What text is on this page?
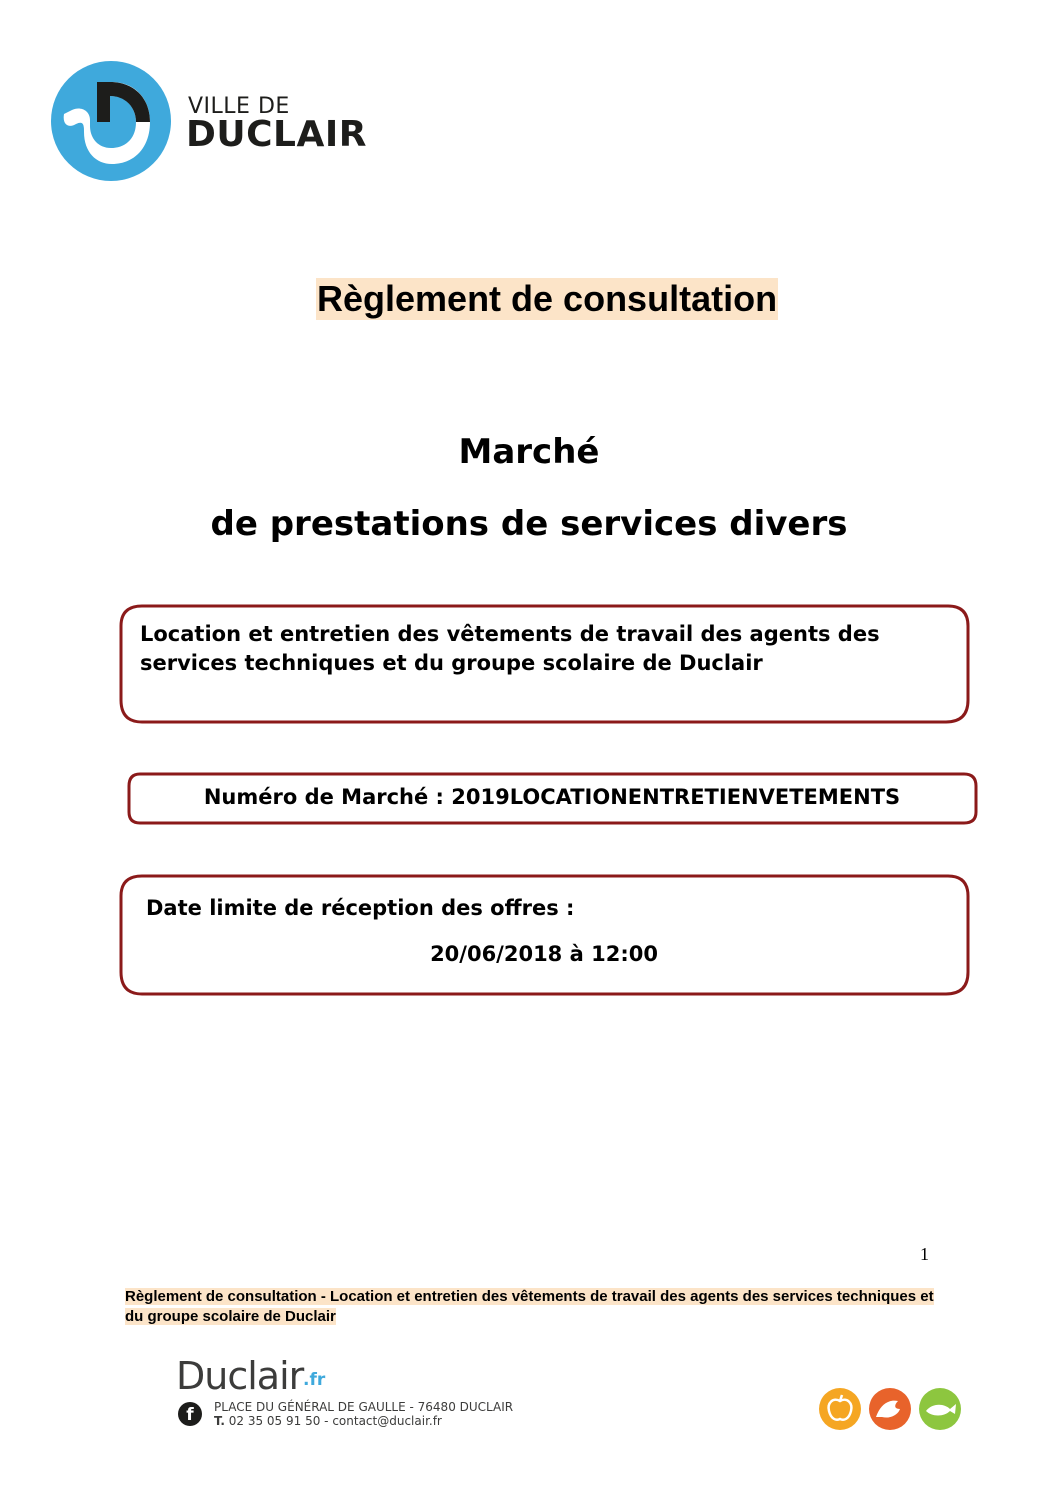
VILLE DE
DUCLAIR
Règlement de consultation
Marché
de prestations de services divers
Location et entretien des vêtements de travail des agents des services techniques et du groupe scolaire de Duclair
Numéro de Marché : 2019LOCATIONENTRETIENVETEMENTS
Date limite de réception des offres :
20/06/2018 à 12:00
1
Règlement de consultation - Location et entretien des vêtements de travail des agents des services techniques et du groupe scolaire de Duclair
Duclair .fr
f	PLACE DU GÉNÉRAL DE GAULLE - 76480 DUCLAIR
T. 02 35 05 91 50 - contact@duclair.fr
